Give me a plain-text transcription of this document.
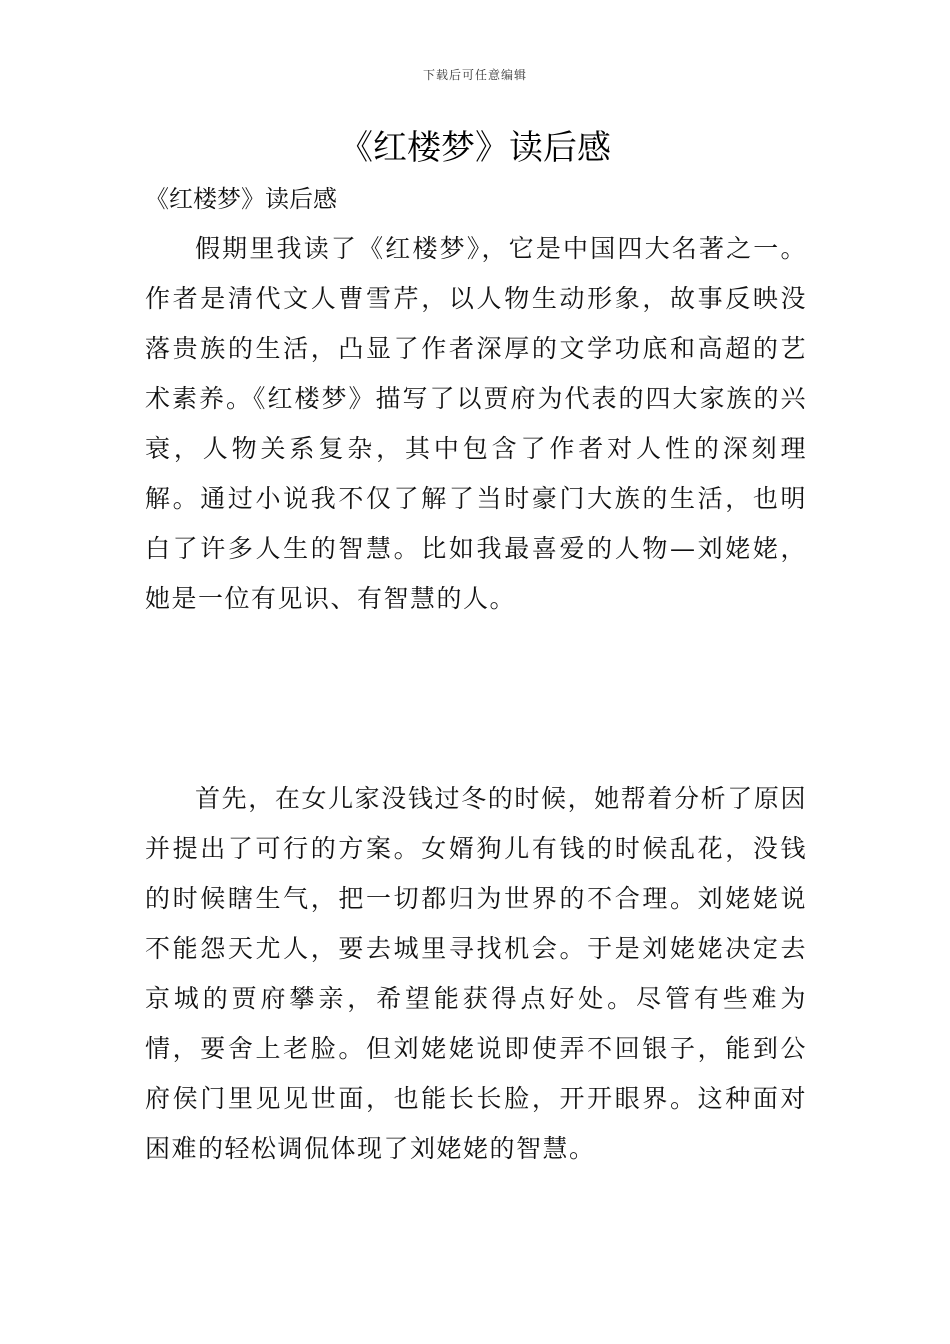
下载后可任意编辑
《红楼梦》读后感
《红楼梦》读后感

假期里我读了《红楼梦》，它是中国四大名著之一。作者是清代文人曹雪芹，以人物生动形象，故事反映没落贵族的生活，凸显了作者深厚的文学功底和高超的艺术素养。《红楼梦》描写了以贾府为代表的四大家族的兴衰，人物关系复杂，其中包含了作者对人性的深刻理解。通过小说我不仅了解了当时豪门大族的生活，也明白了许多人生的智慧。比如我最喜爱的人物—刘姥姥，她是一位有见识、有智慧的人。

首先，在女儿家没钱过冬的时候，她帮着分析了原因并提出了可行的方案。女婿狗儿有钱的时候乱花，没钱的时候瞎生气，把一切都归为世界的不合理。刘姥姥说不能怨天尤人，要去城里寻找机会。于是刘姥姥决定去京城的贾府攀亲，希望能获得点好处。尽管有些难为情，要舍上老脸。但刘姥姥说即使弄不回银子，能到公府侯门里见见世面，也能长长脸，开开眼界。这种面对困难的轻松调侃体现了刘姥姥的智慧。
